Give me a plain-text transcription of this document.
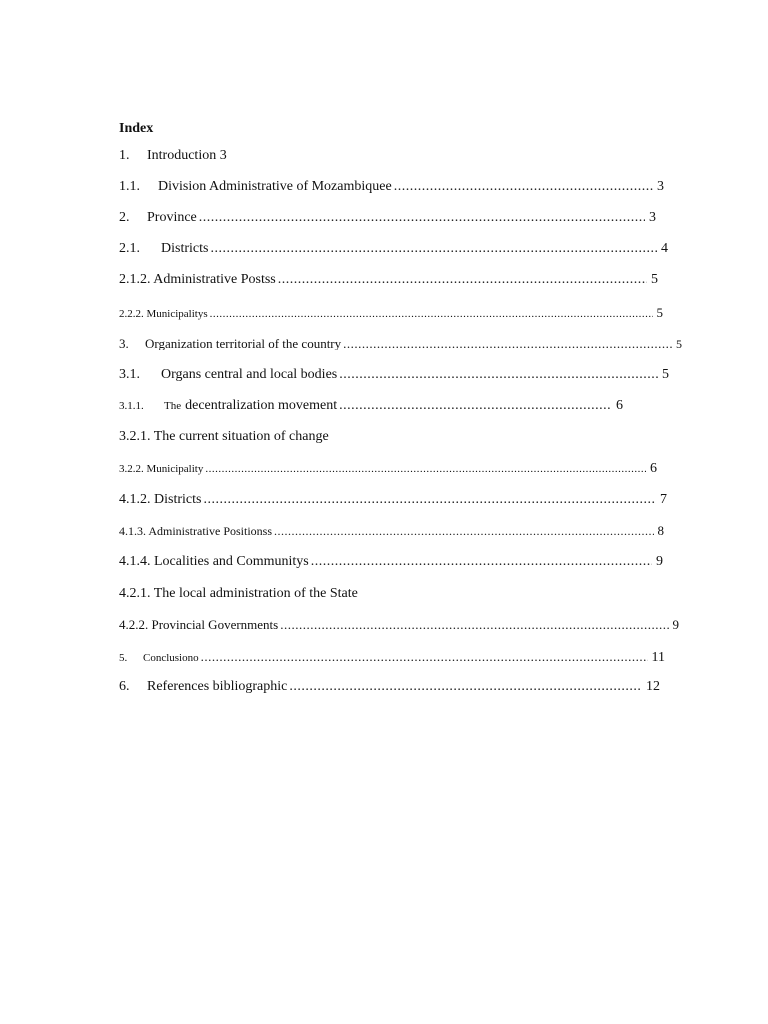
Index
1.	Introduction 3
1.1.	Division Administrative of Mozambiquee .....	3
2.	Province .....	3
2.1.	Districts .....	4
2.1.2. Administrative Postss .....	5
2.2.2. Municipalitys .....	5
3.	Organization territorial of the country .....	5
3.1.	Organs central and local bodies .....	5
3.1.1.	The decentralization movement .....	6
3.2.1. The current situation of change
3.2.2. Municipality .....	6
4.1.2. Districts .....	7
4.1.3. Administrative Positionss .....	8
4.1.4. Localities and Communitys .....	9
4.2.1. The local administration of the State
4.2.2. Provincial Governments .....	9
5.	Conclusiono .....	11
6.	References bibliographic .....	12
